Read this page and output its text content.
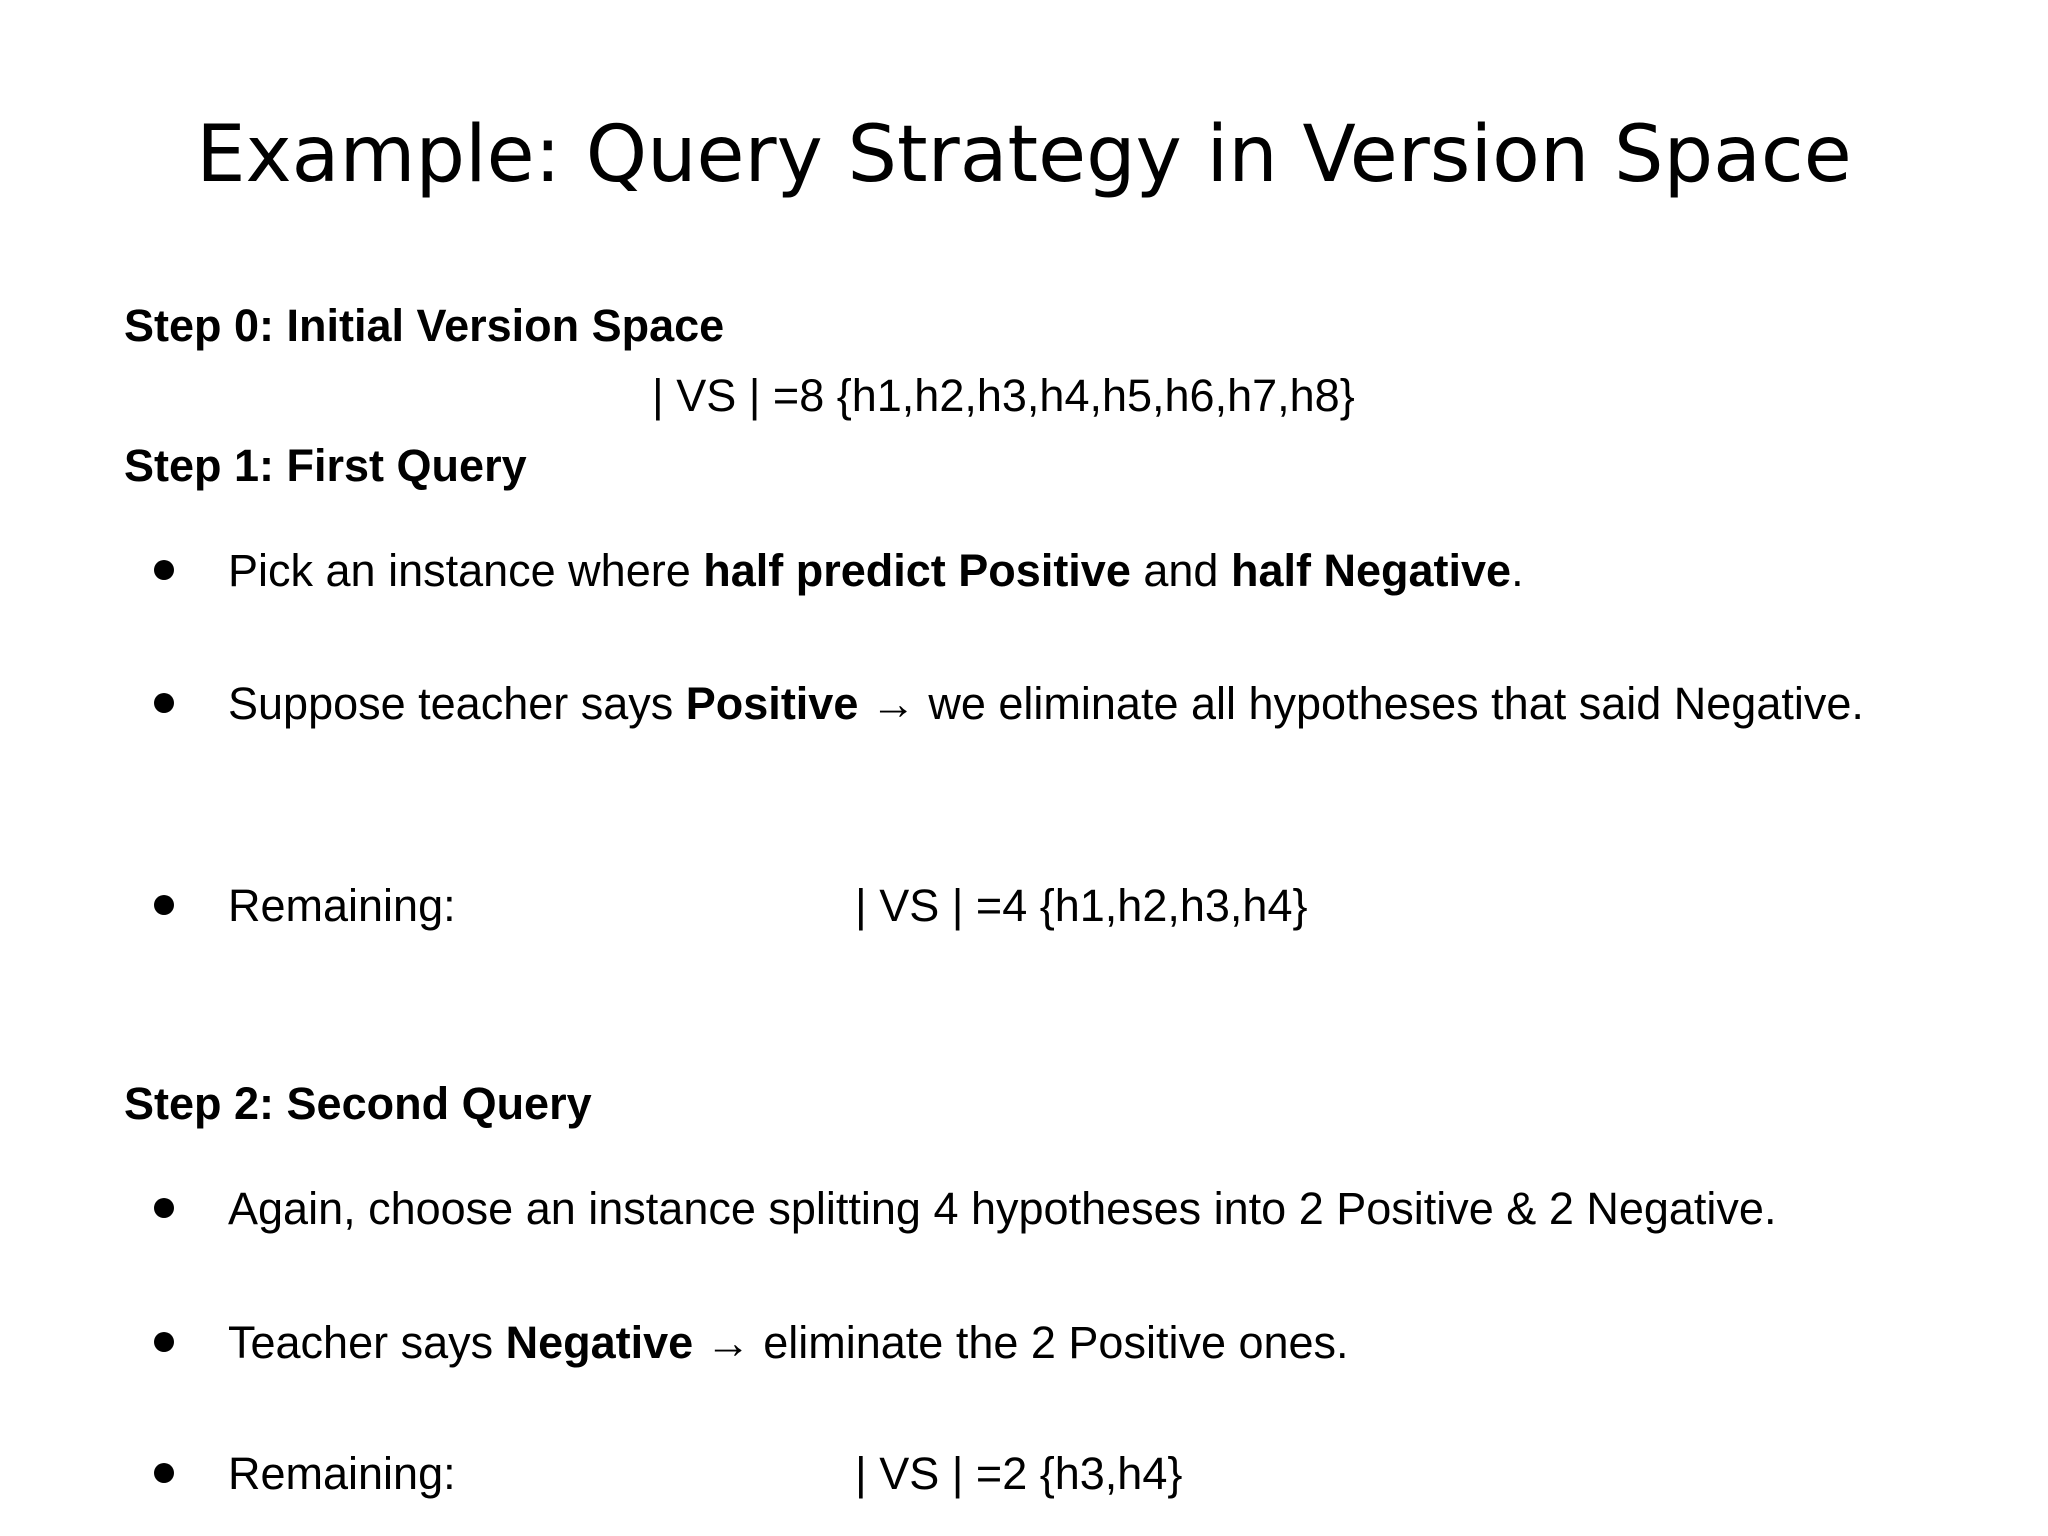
Example: Query Strategy in Version Space
Step 0: Initial Version Space
| VS | =8 {h1,h2,h3,h4,h5,h6,h7,h8}
Step 1: First Query
Pick an instance where half predict Positive and half Negative.
Suppose teacher says Positive → we eliminate all hypotheses that said Negative.
Remaining:	| VS | =4 {h1,h2,h3,h4}
Step 2: Second Query
Again, choose an instance splitting 4 hypotheses into 2 Positive & 2 Negative.
Teacher says Negative → eliminate the 2 Positive ones.
Remaining:	| VS | =2 {h3,h4}
